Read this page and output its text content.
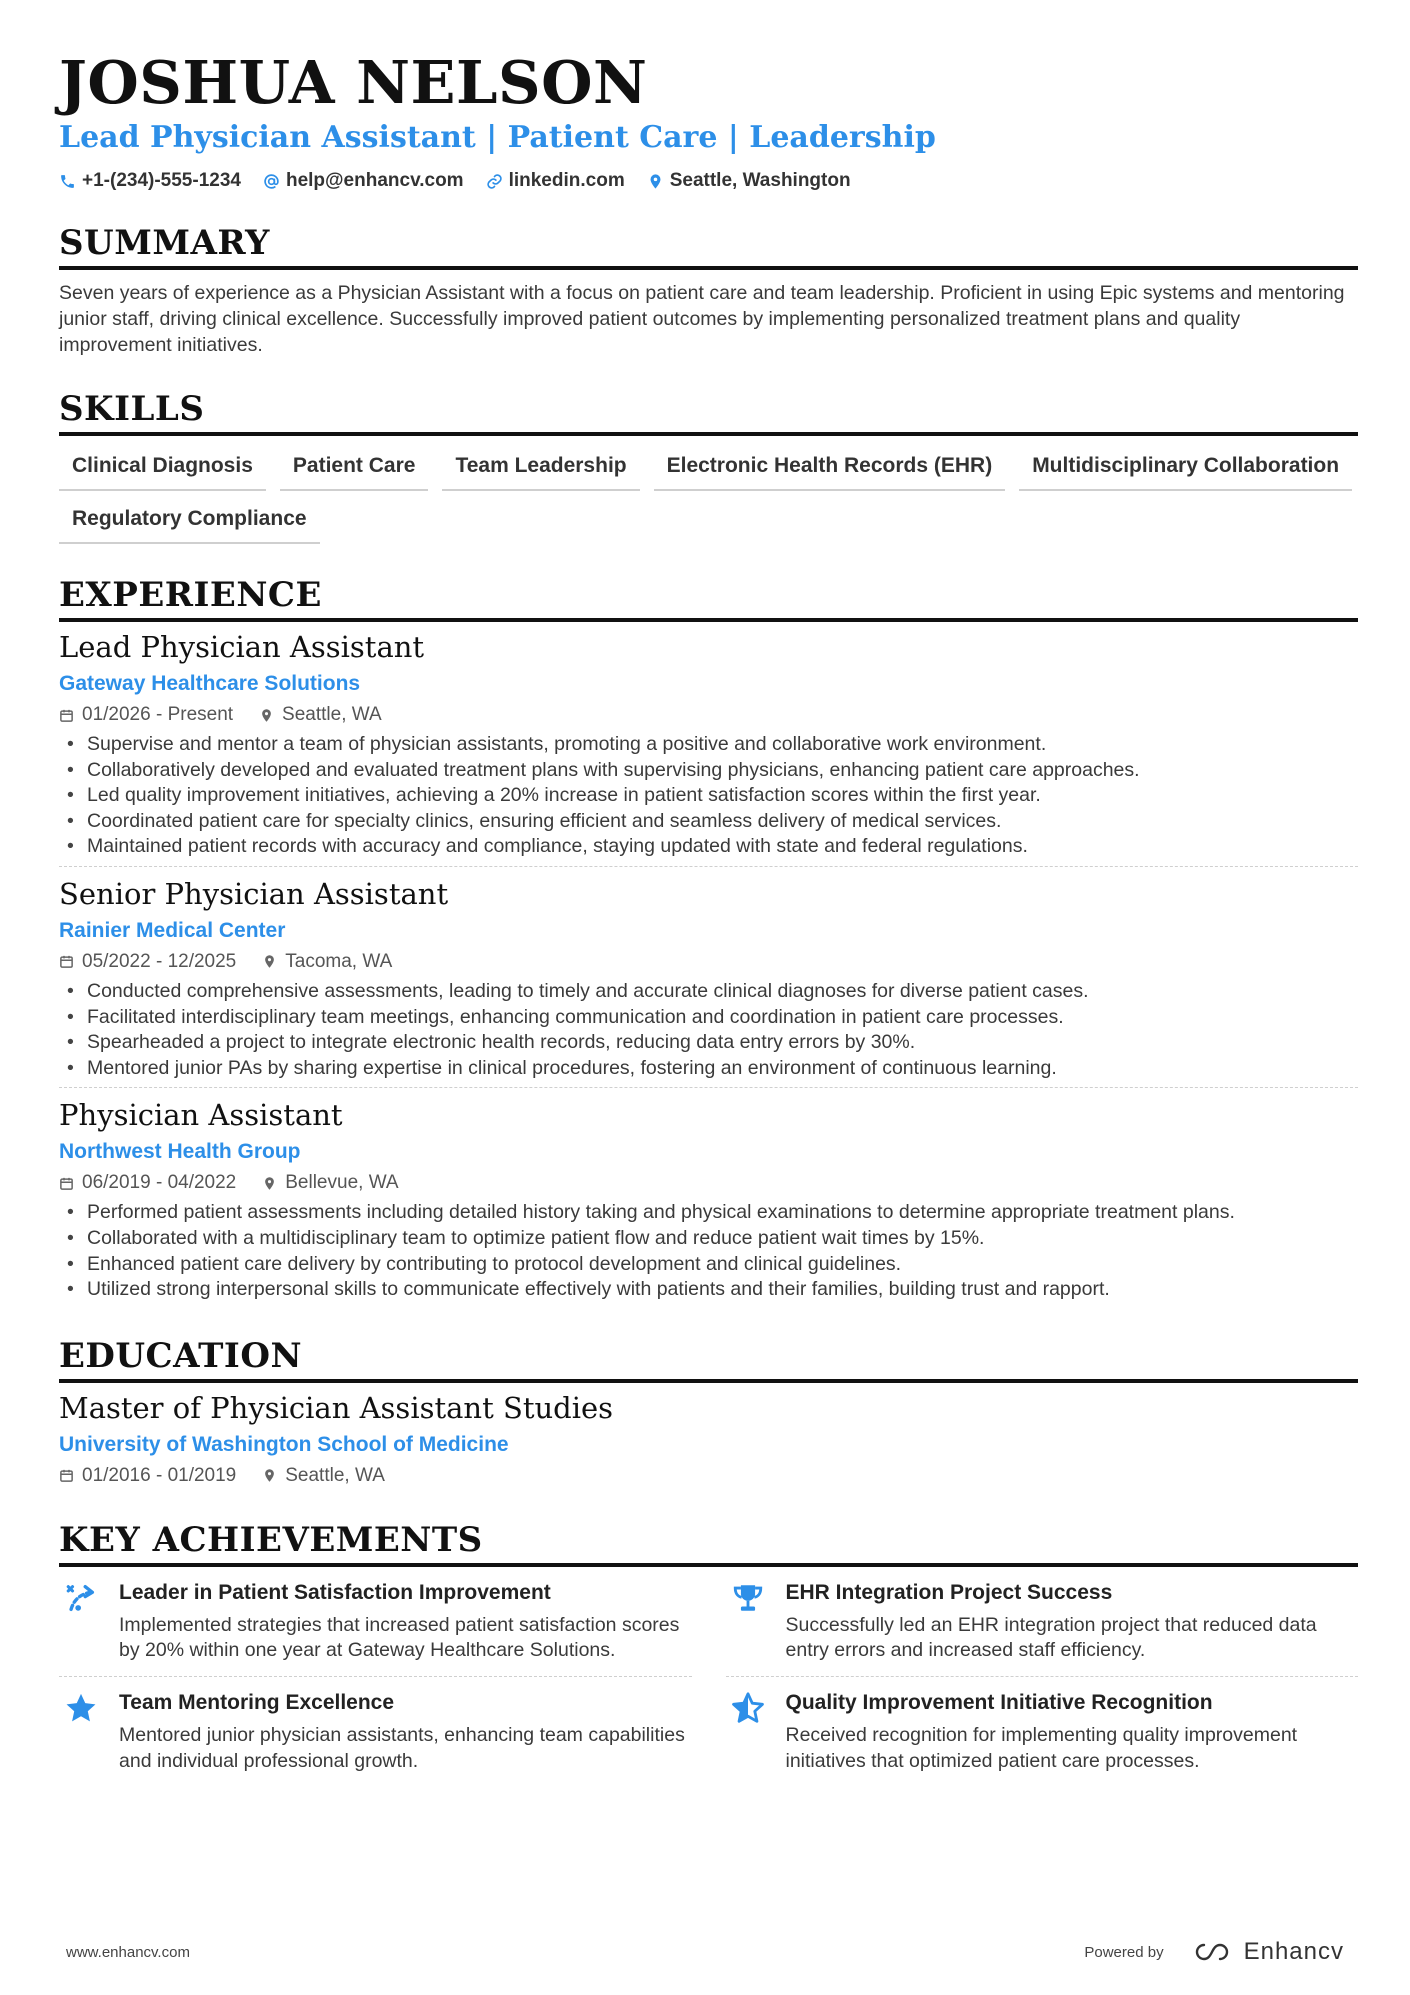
JOSHUA NELSON
Lead Physician Assistant | Patient Care | Leadership
+1-(234)-555-1234 help@enhancv.com linkedin.com Seattle, Washington
SUMMARY
Seven years of experience as a Physician Assistant with a focus on patient care and team leadership. Proficient in using Epic systems and mentoring junior staff, driving clinical excellence. Successfully improved patient outcomes by implementing personalized treatment plans and quality improvement initiatives.
SKILLS
Clinical Diagnosis	Patient Care	Team Leadership	Electronic Health Records (EHR)	Multidisciplinary Collaboration
Regulatory Compliance
EXPERIENCE
Lead Physician Assistant
Gateway Healthcare Solutions
01/2026 - Present	Seattle, WA
• Supervise and mentor a team of physician assistants, promoting a positive and collaborative work environment.
• Collaboratively developed and evaluated treatment plans with supervising physicians, enhancing patient care approaches.
• Led quality improvement initiatives, achieving a 20% increase in patient satisfaction scores within the first year.
• Coordinated patient care for specialty clinics, ensuring efficient and seamless delivery of medical services.
• Maintained patient records with accuracy and compliance, staying updated with state and federal regulations.
Senior Physician Assistant
Rainier Medical Center
05/2022 - 12/2025	Tacoma, WA
• Conducted comprehensive assessments, leading to timely and accurate clinical diagnoses for diverse patient cases.
• Facilitated interdisciplinary team meetings, enhancing communication and coordination in patient care processes.
• Spearheaded a project to integrate electronic health records, reducing data entry errors by 30%.
• Mentored junior PAs by sharing expertise in clinical procedures, fostering an environment of continuous learning.
Physician Assistant
Northwest Health Group
06/2019 - 04/2022	Bellevue, WA
• Performed patient assessments including detailed history taking and physical examinations to determine appropriate treatment plans.
• Collaborated with a multidisciplinary team to optimize patient flow and reduce patient wait times by 15%.
• Enhanced patient care delivery by contributing to protocol development and clinical guidelines.
• Utilized strong interpersonal skills to communicate effectively with patients and their families, building trust and rapport.
EDUCATION
Master of Physician Assistant Studies
University of Washington School of Medicine
01/2016 - 01/2019	Seattle, WA
KEY ACHIEVEMENTS
Leader in Patient Satisfaction Improvement
Implemented strategies that increased patient satisfaction scores by 20% within one year at Gateway Healthcare Solutions.
EHR Integration Project Success
Successfully led an EHR integration project that reduced data entry errors and increased staff efficiency.
Team Mentoring Excellence
Mentored junior physician assistants, enhancing team capabilities and individual professional growth.
Quality Improvement Initiative Recognition
Received recognition for implementing quality improvement initiatives that optimized patient care processes.
www.enhancv.com	Powered by	Enhancv
